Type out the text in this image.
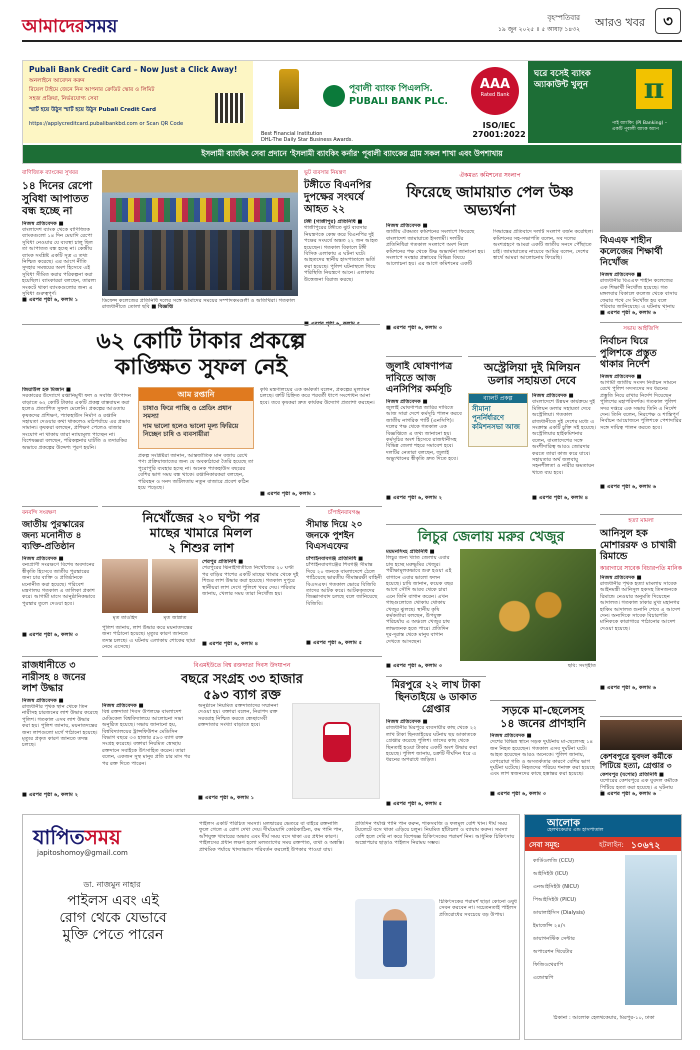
আমাদেরসময়	বৃহস্পতিবার
১৯ জুন ২০২৫ ॥ ৫ আষাঢ় ১৪৩২
আরও খবর	৩
Pubali Bank Credit Card – Now Just a Click Away!
অনলাইনে আবেদন করুন
রিয়েল টাইমে জেনে নিন আপনার ক্রেডিট স্কোর ও লিমিট
সহজ প্রক্রিয়া, নির্ভরযোগ্য সেবা
স্মার্ট হয়ে উঠুন স্মার্ট হয়ে উঠুন Pubali Credit Card
https://applycreditcard.pubalibankbd.com or Scan QR Code
Best Financial Institution
DHL-The Daily Star Business Awards.
পূবালী ব্যাংক পিএলসি.
PUBALI BANK PLC.
AAA
Rated Bank
ISO/IEC
27001:2022
ঘরে বসেই ব্যাংক অ্যাকাউন্ট খুলুন	π
পাই ব্যাংকিং (PI Banking) – একটি পূবালী ব্যাংক অ্যাপ
ইসলামী ব্যাংকিং সেবা প্রদানে 'ইসলামী ব্যাংকিং কর্নার' পূবালী ব্যাংকের গ্রাম সকল শাখা এবং উপশাখায়
বাণিজ্যিক ব্যাংকের সুখবর
১৪ দিনের রেপো সুবিধা আপাতত বন্ধ হচ্ছে না
নিজস্ব প্রতিবেদক ■
বাংলাদেশ ব্যাংক থেকে বাণিজ্যিক ব্যাংকগুলো ১৪ দিন মেয়াদি রেপো সুবিধা নেওয়ার যে ব্যবস্থা চালু ছিল তা আপাতত বন্ধ হচ্ছে না। কেন্দ্রীয় ব্যাংক সংশ্লিষ্ট একটি সূত্র এ তথ্য নিশ্চিত করেছে। এর আগে নীতি সুদহার সমন্বয়ের অংশ হিসেবে এই সুবিধা সীমিত করার পরিকল্পনা করা হয়েছিল। ব্যাংকাররা বলছেন, তারল্য সংকটে থাকা ব্যাংকগুলোর জন্য এ সুবিধা গুরুত্বপূর্ণ।
■ এরপর পৃষ্ঠা ৬, কলাম ১	ডিফেন্স কলেজের প্রতিনিধি দলের সঙ্গে আমাদের সময়ের সম্পাদকমণ্ডলী ও অতিথিরা। গতকাল রাজধানীতে তোলা ছবি ■ বিজ্ঞপ্তি
ভুট ব্যবসার নিয়ন্ত্রণ
টঙ্গীতে বিএনপির দুপক্ষের সংঘর্ষে আহত ২২
টঙ্গী (গাজীপুর) প্রতিনিধি ■
গাজীপুরের টঙ্গীতে ঝুট ব্যবসার নিয়ন্ত্রণকে কেন্দ্র করে বিএনপির দুই পক্ষের সংঘর্ষে অন্তত ২২ জন আহত হয়েছেন। গতকাল বিকালে টঙ্গী বিসিক এলাকায় এ ঘটনা ঘটে। আহতদের স্থানীয় হাসপাতালে ভর্তি করা হয়েছে। পুলিশ ঘটনাস্থলে গিয়ে পরিস্থিতি নিয়ন্ত্রণে আনে। এলাকায় উত্তেজনা বিরাজ করছে।
■ এরপর পৃষ্ঠা ৬, কলাম ৫
ঐকমত্য কমিশনের সংলাপ
ফিরেছে জামায়াত পেল উষ্ণ অভ্যর্থনা
নিজস্ব প্রতিবেদক ■
জাতীয় ঐকমত্য কমিশনের সংলাপে ফিরেছে বাংলাদেশ জামায়াতে ইসলামী। দলটির প্রতিনিধিরা গতকাল সংলাপে অংশ নিলে কমিশনের পক্ষ থেকে উষ্ণ অভ্যর্থনা জানানো হয়। সংলাপে সংস্কার প্রস্তাবের বিভিন্ন বিষয়ে আলোচনা হয়। এর আগে কমিশনের একটি সিদ্ধান্তের প্রতিবাদে দলটি সংলাপ বর্জন করেছিল। কমিশনের সহ-সভাপতি বলেন, সব দলের অংশগ্রহণে আমরা একটি জাতীয় সনদে পৌঁছাতে চাই। জামায়াতের নায়েবে আমির বলেন, দেশের স্বার্থে আমরা আলোচনায় ফিরেছি।
■ এরপর পৃষ্ঠা ৬, কলাম ৩
বিএএফ শাহীন কলেজের শিক্ষার্থী নিখোঁজ
নিজস্ব প্রতিবেদক ■
রাজধানীর বিএএফ শাহীন কলেজের এক শিক্ষার্থী নিখোঁজ হয়েছে। গত মঙ্গলবার বিকালে কলেজ থেকে বাসায় ফেরার পথে সে নিখোঁজ হয় বলে পরিবার জানিয়েছে। এ ঘটনায় থানায়
■ এরপর পৃষ্ঠা ৬, কলাম ৬
সভায় আইজিপি
নির্বাচন ঘিরে পুলিশকে প্রস্তুত থাকার নির্দেশ
নিজস্ব প্রতিবেদক ■
আগামী জাতীয় সংসদ নির্বাচন সামনে রেখে পুলিশ সদস্যদের সব ধরনের প্রস্তুতি নিয়ে রাখার নির্দেশ দিয়েছেন পুলিশের মহাপরিদর্শক। গতকাল পুলিশ সদর দপ্তরে এক সভায় তিনি এ নির্দেশ দেন। তিনি বলেন, নিরপেক্ষ ও শান্তিপূর্ণ নির্বাচন আয়োজনে পুলিশকে পেশাদারির সঙ্গে দায়িত্ব পালন করতে হবে।
■ এরপর পৃষ্ঠা ৬, কলাম ৬
৬২ কোটি টাকার প্রকল্পে
কাঙ্ক্ষিত সুফল নেই
জিয়াউল হক মিজান ■
সরকারের উদ্যোগে রপ্তানিমুখী ফল ও সবজি উৎপাদন বাড়াতে ৬২ কোটি টাকার একটি প্রকল্প বাস্তবায়ন করা হলেও প্রত্যাশিত সুফল মেলেনি। প্রকল্পের আওতায় কৃষকদের প্রশিক্ষণ, প্যাকহাউস নির্মাণ ও রপ্তানি সহায়তা দেওয়ার কথা থাকলেও মাঠপর্যায়ে এর প্রভাব সামান্য। কৃষকরা বলছেন, প্রশিক্ষণ পেলেও বাজার সংযোগ না থাকায় তারা ন্যায্যমূল্য পাচ্ছেন না। বিশেষজ্ঞরা বলছেন, পরিকল্পনার ঘাটতি ও তদারকির অভাবে প্রকল্পের উদ্দেশ্য পূরণ হয়নি।
আম রপ্তানি
চাষাও ফিরে পাচ্ছি ও প্রেডিং প্রধান সমস্যা
দাম ভালো হলেও ভালো মূল্য ফিরিয়ে নিচ্ছেন চাষি ও ব্যবসায়ীরা
প্রকল্প সংশ্লিষ্টরা জানান, আন্তর্জাতিক মান বজায় রেখে পণ্য প্রক্রিয়াজাতের জন্য যে অবকাঠামো তৈরি হয়েছে তা পুরোপুরি ব্যবহার হচ্ছে না। অনেক প্যাকহাউস বছরের বেশির ভাগ সময় বন্ধ থাকে। রপ্তানিকারকরা বলছেন, পরিবহন ও সনদ জটিলতায় নতুন বাজারে প্রবেশ কঠিন হয়ে পড়েছে।
কৃষি মন্ত্রণালয়ের এক কর্মকর্তা বলেন, প্রকল্পের মূল্যায়ন চলছে। ত্রুটি চিহ্নিত করে পরবর্তী ধাপে সংশোধন আনা হবে। তবে কৃষকরা দ্রুত কার্যকর উদ্যোগ প্রত্যাশা করছেন।
■ এরপর পৃষ্ঠা ৬, কলাম ১
জুলাই ঘোষণাপত্র দাবিতে আজ এনসিপির কর্মসূচি
নিজস্ব প্রতিবেদক ■
জুলাই ঘোষণাপত্র জারির দাবিতে আজ সারা দেশে কর্মসূচি পালন করবে জাতীয় নাগরিক পার্টি (এনসিপি)। দলের পক্ষ থেকে গতকাল এক বিজ্ঞপ্তিতে এ তথ্য জানানো হয়। কর্মসূচির অংশ হিসেবে রাজধানীসহ বিভিন্ন জেলা শহরে সমাবেশ হবে। দলটির নেতারা বলছেন, জুলাই অভ্যুত্থানের স্বীকৃতি দ্রুত দিতে হবে।
■ এরপর পৃষ্ঠা ৬, কলাম ২
অস্ট্রেলিয়া দুই মিলিয়ন
ডলার সহায়তা দেবে
ব্যালট প্রকল্প
সীমানা পুনর্নির্ধারণে কমিশনসভা আজ
নিজস্ব প্রতিবেদক ■
বাংলাদেশে উন্নয়ন কার্যক্রমে দুই মিলিয়ন ডলার সহায়তা দেবে অস্ট্রেলিয়া। গতকাল রাজধানীতে দুই দেশের মধ্যে এ সংক্রান্ত একটি চুক্তি সই হয়েছে। অস্ট্রেলিয়ার হাইকমিশনার বলেন, বাংলাদেশের সঙ্গে অংশীদারিত্ব আরও জোরদার করতে তারা কাজ করে যাবে। সহায়তার অর্থ জলবায়ু সহনশীলতা ও নারীর ক্ষমতায়ন খাতে ব্যয় হবে।
■ এরপর পৃষ্ঠা ৬, কলাম ৪
বনবন্দি সংরক্ষণ
জাতীয় পুরস্কারের জন্য মনোনীত ৪ ব্যক্তি-প্রতিষ্ঠান
নিজস্ব প্রতিবেদক ■
বন্যপ্রাণী সংরক্ষণে বিশেষ অবদানের স্বীকৃতি হিসেবে জাতীয় পুরস্কারের জন্য চার ব্যক্তি ও প্রতিষ্ঠানকে মনোনীত করা হয়েছে। পরিবেশ মন্ত্রণালয় গতকাল এ তালিকা প্রকাশ করে। আগামী মাসে আনুষ্ঠানিকভাবে পুরস্কার তুলে দেওয়া হবে।
■ এরপর পৃষ্ঠা ৬, কলাম ৩
নিখোঁজের ২০ ঘণ্টা পর
মাছের খামারে মিলল
২ শিশুর লাশ
মৃত তাওহিদ	মৃত জান্নাত
পুলিশ জানায়, লাশ উদ্ধার করে ময়নাতদন্তের জন্য পাঠানো হয়েছে। মৃত্যুর কারণ জানতে তদন্ত চলছে। এ ঘটনায় এলাকায় শোকের ছায়া নেমে এসেছে।
শেরপুর প্রতিনিধি ■
শেরপুরের ঝিনাইগাতীতে নিখোঁজের ২০ ঘণ্টা পর বাড়ির পাশের একটি মাছের খামার থেকে দুই শিশুর লাশ উদ্ধার করা হয়েছে। গতকাল দুপুরে স্থানীয়রা লাশ দেখে পুলিশে খবর দেয়। পরিবার জানায়, খেলার সময় তারা নিখোঁজ হয়।
■ এরপর পৃষ্ঠা ৬, কলাম ৪
চাঁপাইনবাবগঞ্জ
সীমান্ত দিয়ে ২০ জনকে পুশইন বিএসএফের
চাঁপাইনবাবগঞ্জ প্রতিনিধি ■
চাঁপাইনবাবগঞ্জের শিবগঞ্জ সীমান্ত দিয়ে ২০ জনকে বাংলাদেশে ঠেলে পাঠিয়েছে ভারতীয় সীমান্তরক্ষী বাহিনী বিএসএফ। গতকাল ভোরে বিজিবি তাদের আটক করে। আটককৃতদের জিজ্ঞাসাবাদ চলছে বলে জানিয়েছে বিজিবি।
■ এরপর পৃষ্ঠা ৬, কলাম ৫
লিচুর জেলায় মরুর খেজুর
ময়মনসিংহ প্রতিনিধি ■
লিচুর জন্য খ্যাত জেলায় এবার চাষ হচ্ছে মরুভূমির খেজুর। পরীক্ষামূলকভাবে শুরু হওয়া এই বাগানে এবার ভালো ফলন হয়েছে। চাষি জানান, কয়েক বছর আগে সৌদি আরব থেকে চারা এনে তিনি বাগান করেন। এখন গাছগুলোতে থোকায় থোকায় খেজুর ঝুলছে। স্থানীয় কৃষি কর্মকর্তারা বলছেন, উপযুক্ত পরিচর্যায় এ অঞ্চলে খেজুর চাষ লাভজনক হতে পারে। প্রতিদিন দূর-দূরান্ত থেকে মানুষ বাগান দেখতে আসছেন।
■ এরপর পৃষ্ঠা ৬, কলাম ৩	ছবি: সংগৃহীত
হত্যা মামলা
আনিসুল হক মোশাররফ ও চাখারী রিমান্ডে
কারাগারে সাবেক বিচারপতি মানিক
নিজস্ব প্রতিবেদক ■
রাজধানীর পৃথক হত্যা মামলায় সাবেক আইনমন্ত্রী আনিসুল হকসহ তিনজনকে রিমান্ডে নেওয়ার অনুমতি দিয়েছেন আদালত। গতকাল ঢাকার মুখ্য মহানগর হাকিম আদালত শুনানি শেষে এ আদেশ দেন। অন্যদিকে সাবেক বিচারপতি মানিককে কারাগারে পাঠানোর আদেশ দেওয়া হয়েছে।
■ এরপর পৃষ্ঠা ৬, কলাম ৬
রাজধানীতে ৩ নারীসহ ৪ জনের লাশ উদ্ধার
নিজস্ব প্রতিবেদক ■
রাজধানীর পৃথক স্থান থেকে তিন নারীসহ চারজনের লাশ উদ্ধার করেছে পুলিশ। গতকাল এসব লাশ উদ্ধার করা হয়। পুলিশ জানায়, ময়নাতদন্তের জন্য লাশগুলো মর্গে পাঠানো হয়েছে। মৃত্যুর প্রকৃত কারণ জানতে তদন্ত চলছে।
■ এরপর পৃষ্ঠা ৬, কলাম ২
বিএমইউতে বিশ্ব রক্তদাতা দিবস উদযাপন
বছরে সংগ্রহ ৩৩ হাজার
৫৯৩ ব্যাগ রক্ত
নিজস্ব প্রতিবেদক ■
বিশ্ব রক্তদাতা দিবস উপলক্ষে বাংলাদেশ মেডিকেল বিশ্ববিদ্যালয়ে আলোচনা সভা অনুষ্ঠিত হয়েছে। সভায় জানানো হয়, বিশ্ববিদ্যালয়ের ট্রান্সফিউশন মেডিসিন বিভাগ বছরে ৩৩ হাজার ৫৯৩ ব্যাগ রক্ত সংগ্রহ করেছে। বক্তারা নিয়মিত স্বেচ্ছায় রক্তদানে সবাইকে উৎসাহিত করেন। তারা বলেন, একজন সুস্থ মানুষ প্রতি চার মাস পর পর রক্ত দিতে পারেন।
অনুষ্ঠানে নিয়মিত রক্তদাতাদের সম্মাননা দেওয়া হয়। বক্তারা বলেন, নিরাপদ রক্ত সরবরাহ নিশ্চিত করতে স্বেচ্ছাসেবী রক্তদাতার সংখ্যা বাড়াতে হবে।
■ এরপর পৃষ্ঠা ৬, কলাম ১
মিরপুরে ২২ লাখ টাকা ছিনতাইয়ে ৬ ডাকাত গ্রেপ্তার
নিজস্ব প্রতিবেদক ■
রাজধানীর মিরপুরে ব্যবসায়ীর কাছ থেকে ২২ লাখ টাকা ছিনতাইয়ের ঘটনায় ছয় ডাকাতকে গ্রেপ্তার করেছে পুলিশ। তাদের কাছ থেকে ছিনতাই হওয়া টাকার একটি অংশ উদ্ধার করা হয়েছে। পুলিশ জানায়, চক্রটি দীর্ঘদিন ধরে এ ধরনের অপরাধে জড়িত।
■ এরপর পৃষ্ঠা ৬, কলাম ৫
সড়কে মা-ছেলেসহ
১৪ জনের প্রাণহানি
নিজস্ব প্রতিবেদক ■
দেশের বিভিন্ন স্থানে সড়ক দুর্ঘটনায় মা-ছেলেসহ ১৪ জন নিহত হয়েছেন। গতকাল এসব দুর্ঘটনা ঘটে। আহত হয়েছেন আরও অনেকে। পুলিশ জানায়, বেপরোয়া গতি ও অসতর্কতার কারণে বেশির ভাগ দুর্ঘটনা ঘটেছে। নিহতদের পরিচয় শনাক্ত করা হয়েছে এবং লাশ স্বজনদের কাছে হস্তান্তর করা হয়েছে।
■ এরপর পৃষ্ঠা ৬, কলাম ৩
কেশবপুরে যুবদল কর্মীকে পিটিয়ে হত্যা, গ্রেপ্তার ৩
কেশবপুর (যশোর) প্রতিনিধি ■
যশোরের কেশবপুরে এক যুবদল কর্মীকে পিটিয়ে হত্যা করা হয়েছে। এ ঘটনায়
■ এরপর পৃষ্ঠা ৬, কলাম ৬
যাপিতসময়
japitoshomoy@gmail.com
ডা. নাজমুন নাহার
পাইলস এবং এই
রোগ থেকে যেভাবে
মুক্তি পেতে পারেন
পাইলস একটি পরিচিত সমস্যা। মলদ্বারের ভেতরে বা বাইরে রক্তনালি ফুলে গেলে এ রোগ দেখা দেয়। দীর্ঘমেয়াদি কোষ্ঠকাঠিন্য, কম পানি পান, আঁশযুক্ত খাবারের অভাব এবং দীর্ঘ সময় বসে থাকা এর প্রধান কারণ। পাইলসের প্রধান লক্ষণ হলো মলত্যাগের সময় রক্তপাত, ব্যথা ও অস্বস্তি। প্রাথমিক পর্যায়ে খাদ্যাভ্যাস পরিবর্তন করলেই উপকার পাওয়া যায়।
প্রতিদিন পর্যাপ্ত পানি পান করুন, শাকসবজি ও ফলমূল বেশি খান। দীর্ঘ সময় টয়লেটে বসে থাকা এড়িয়ে চলুন। নিয়মিত হাঁটাচলা ও ব্যায়াম করুন। সমস্যা বেশি হলে দেরি না করে বিশেষজ্ঞ চিকিৎসকের পরামর্শ নিন। আধুনিক চিকিৎসায় অস্ত্রোপচার ছাড়াও পাইলস নিরাময় সম্ভব।
চিকিৎসকের পরামর্শ ছাড়া কোনো ওষুধ সেবন করবেন না। সচেতনতাই পাইলস প্রতিরোধের সবচেয়ে বড় উপায়।
আলোক
হেলথকেয়ার এন্ড হাসপাতাল
সেবা সমূহ:	হটলাইন: ১০৬৭২
কার্ডিওলজি (CCU)
আইসিইউ (ICU)
এনআইসিইউ (NICU)
পিআইসিইউ (PICU)
ডায়ালাইসিস (Dialysis)
ইমার্জেন্সি ২৪/৭
ডায়াগনস্টিক সেন্টার
অপারেশন থিয়েটার
ফিজিওথেরাপি
এন্ডোস্কপি
ঠিকানা : আলোক হেলথকেয়ার, মিরপুর-১০, ঢাকা
